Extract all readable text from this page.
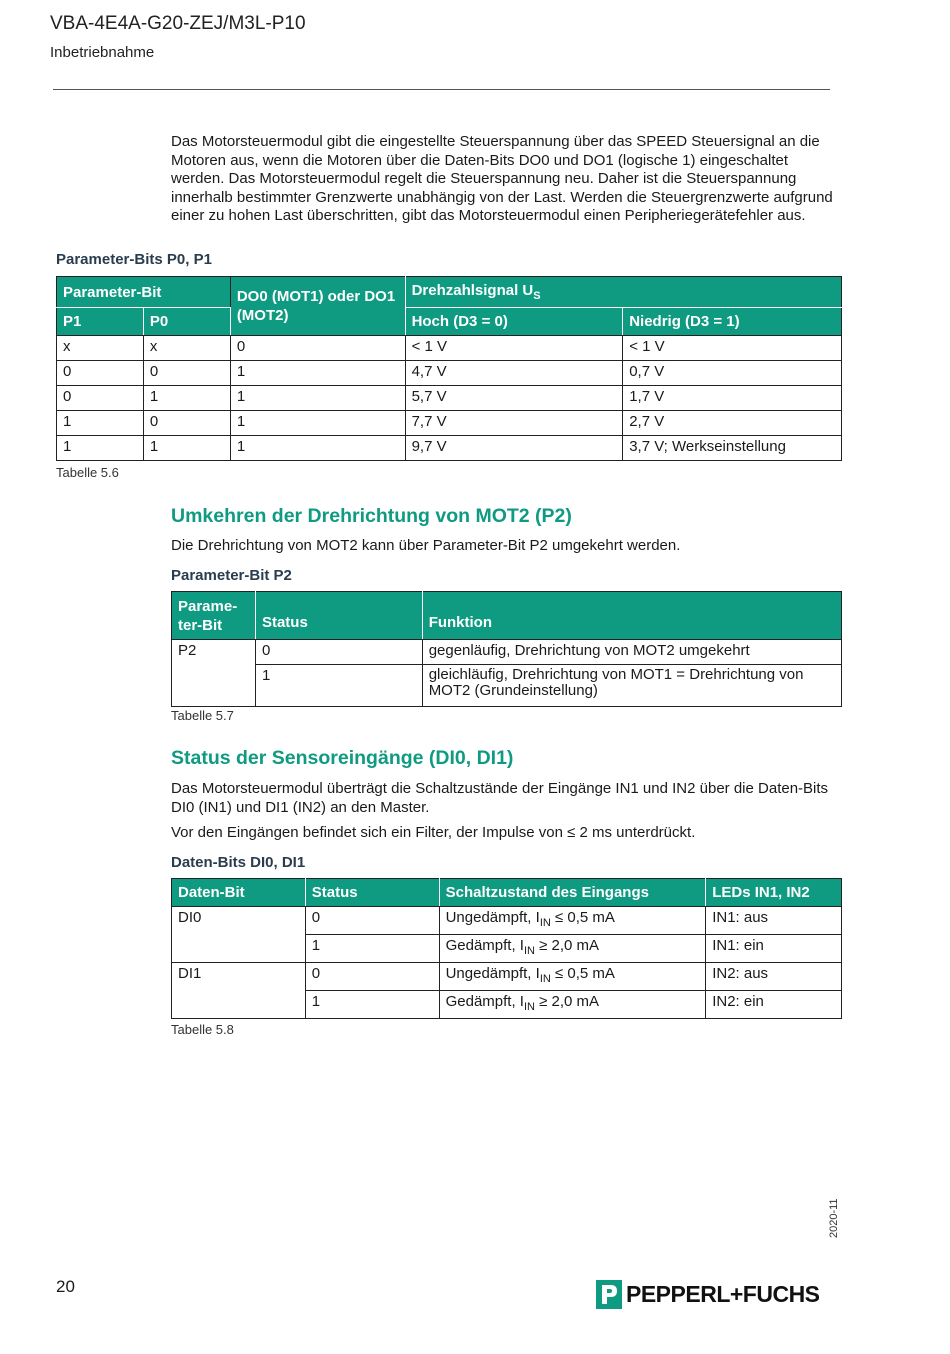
VBA-4E4A-G20-ZEJ/M3L-P10
Inbetriebnahme
Das Motorsteuermodul gibt die eingestellte Steuerspannung über das SPEED Steuersignal an die Motoren aus, wenn die Motoren über die Daten-Bits DO0 und DO1 (logische 1) eingeschaltet werden. Das Motorsteuermodul regelt die Steuerspannung neu. Daher ist die Steuerspannung innerhalb bestimmter Grenzwerte unabhängig von der Last. Werden die Steuergrenzwerte aufgrund einer zu hohen Last überschritten, gibt das Motorsteuermodul einen Peripheriegerätefehler aus.
Parameter-Bits P0, P1
Parameter-Bit		DO0 (MOT1) oder DO1 (MOT2)	Drehzahlsignal $U_S$
P1	P0		Hoch (D3 = 0)	Niedrig (D3 = 1)
x	x	0	< 1 V	< 1 V
0	0	1	4,7 V	0,7 V
0	1	1	5,7 V	1,7 V
1	0	1	7,7 V	2,7 V
1	1	1	9,7 V	3,7 V; Werkseinstellung
Tabelle 5.6
Umkehren der Drehrichtung von MOT2 (P2)
Die Drehrichtung von MOT2 kann über Parameter-Bit P2 umgekehrt werden.
Parameter-Bit P2
Parame-
ter-Bit	Status	Funktion
P2	0	gegenläufig, Drehrichtung von MOT2 umgekehrt
	1	gleichläufig, Drehrichtung von MOT1 = Drehrichtung von MOT2 (Grundeinstellung)
Tabelle 5.7
Status der Sensoreingänge (DI0, DI1)
Das Motorsteuermodul überträgt die Schaltzustände der Eingänge IN1 und IN2 über die Daten-Bits DI0 (IN1) und DI1 (IN2) an den Master.
Vor den Eingängen befindet sich ein Filter, der Impulse von ≤ 2 ms unterdrückt.
Daten-Bits DI0, DI1
Daten-Bit	Status	Schaltzustand des Eingangs	LEDs IN1, IN2
DI0	0	Ungedämpft, $I_{IN} \le 0,5$ mA	IN1: aus
	1	Gedämpft, $I_{IN} \ge 2,0$ mA	IN1: ein
DI1	0	Ungedämpft, $I_{IN} \le 0,5$ mA	IN2: aus
	1	Gedämpft, $I_{IN} \ge 2,0$ mA	IN2: ein
Tabelle 5.8
2020-11
20	PEPPERL+FUCHS
